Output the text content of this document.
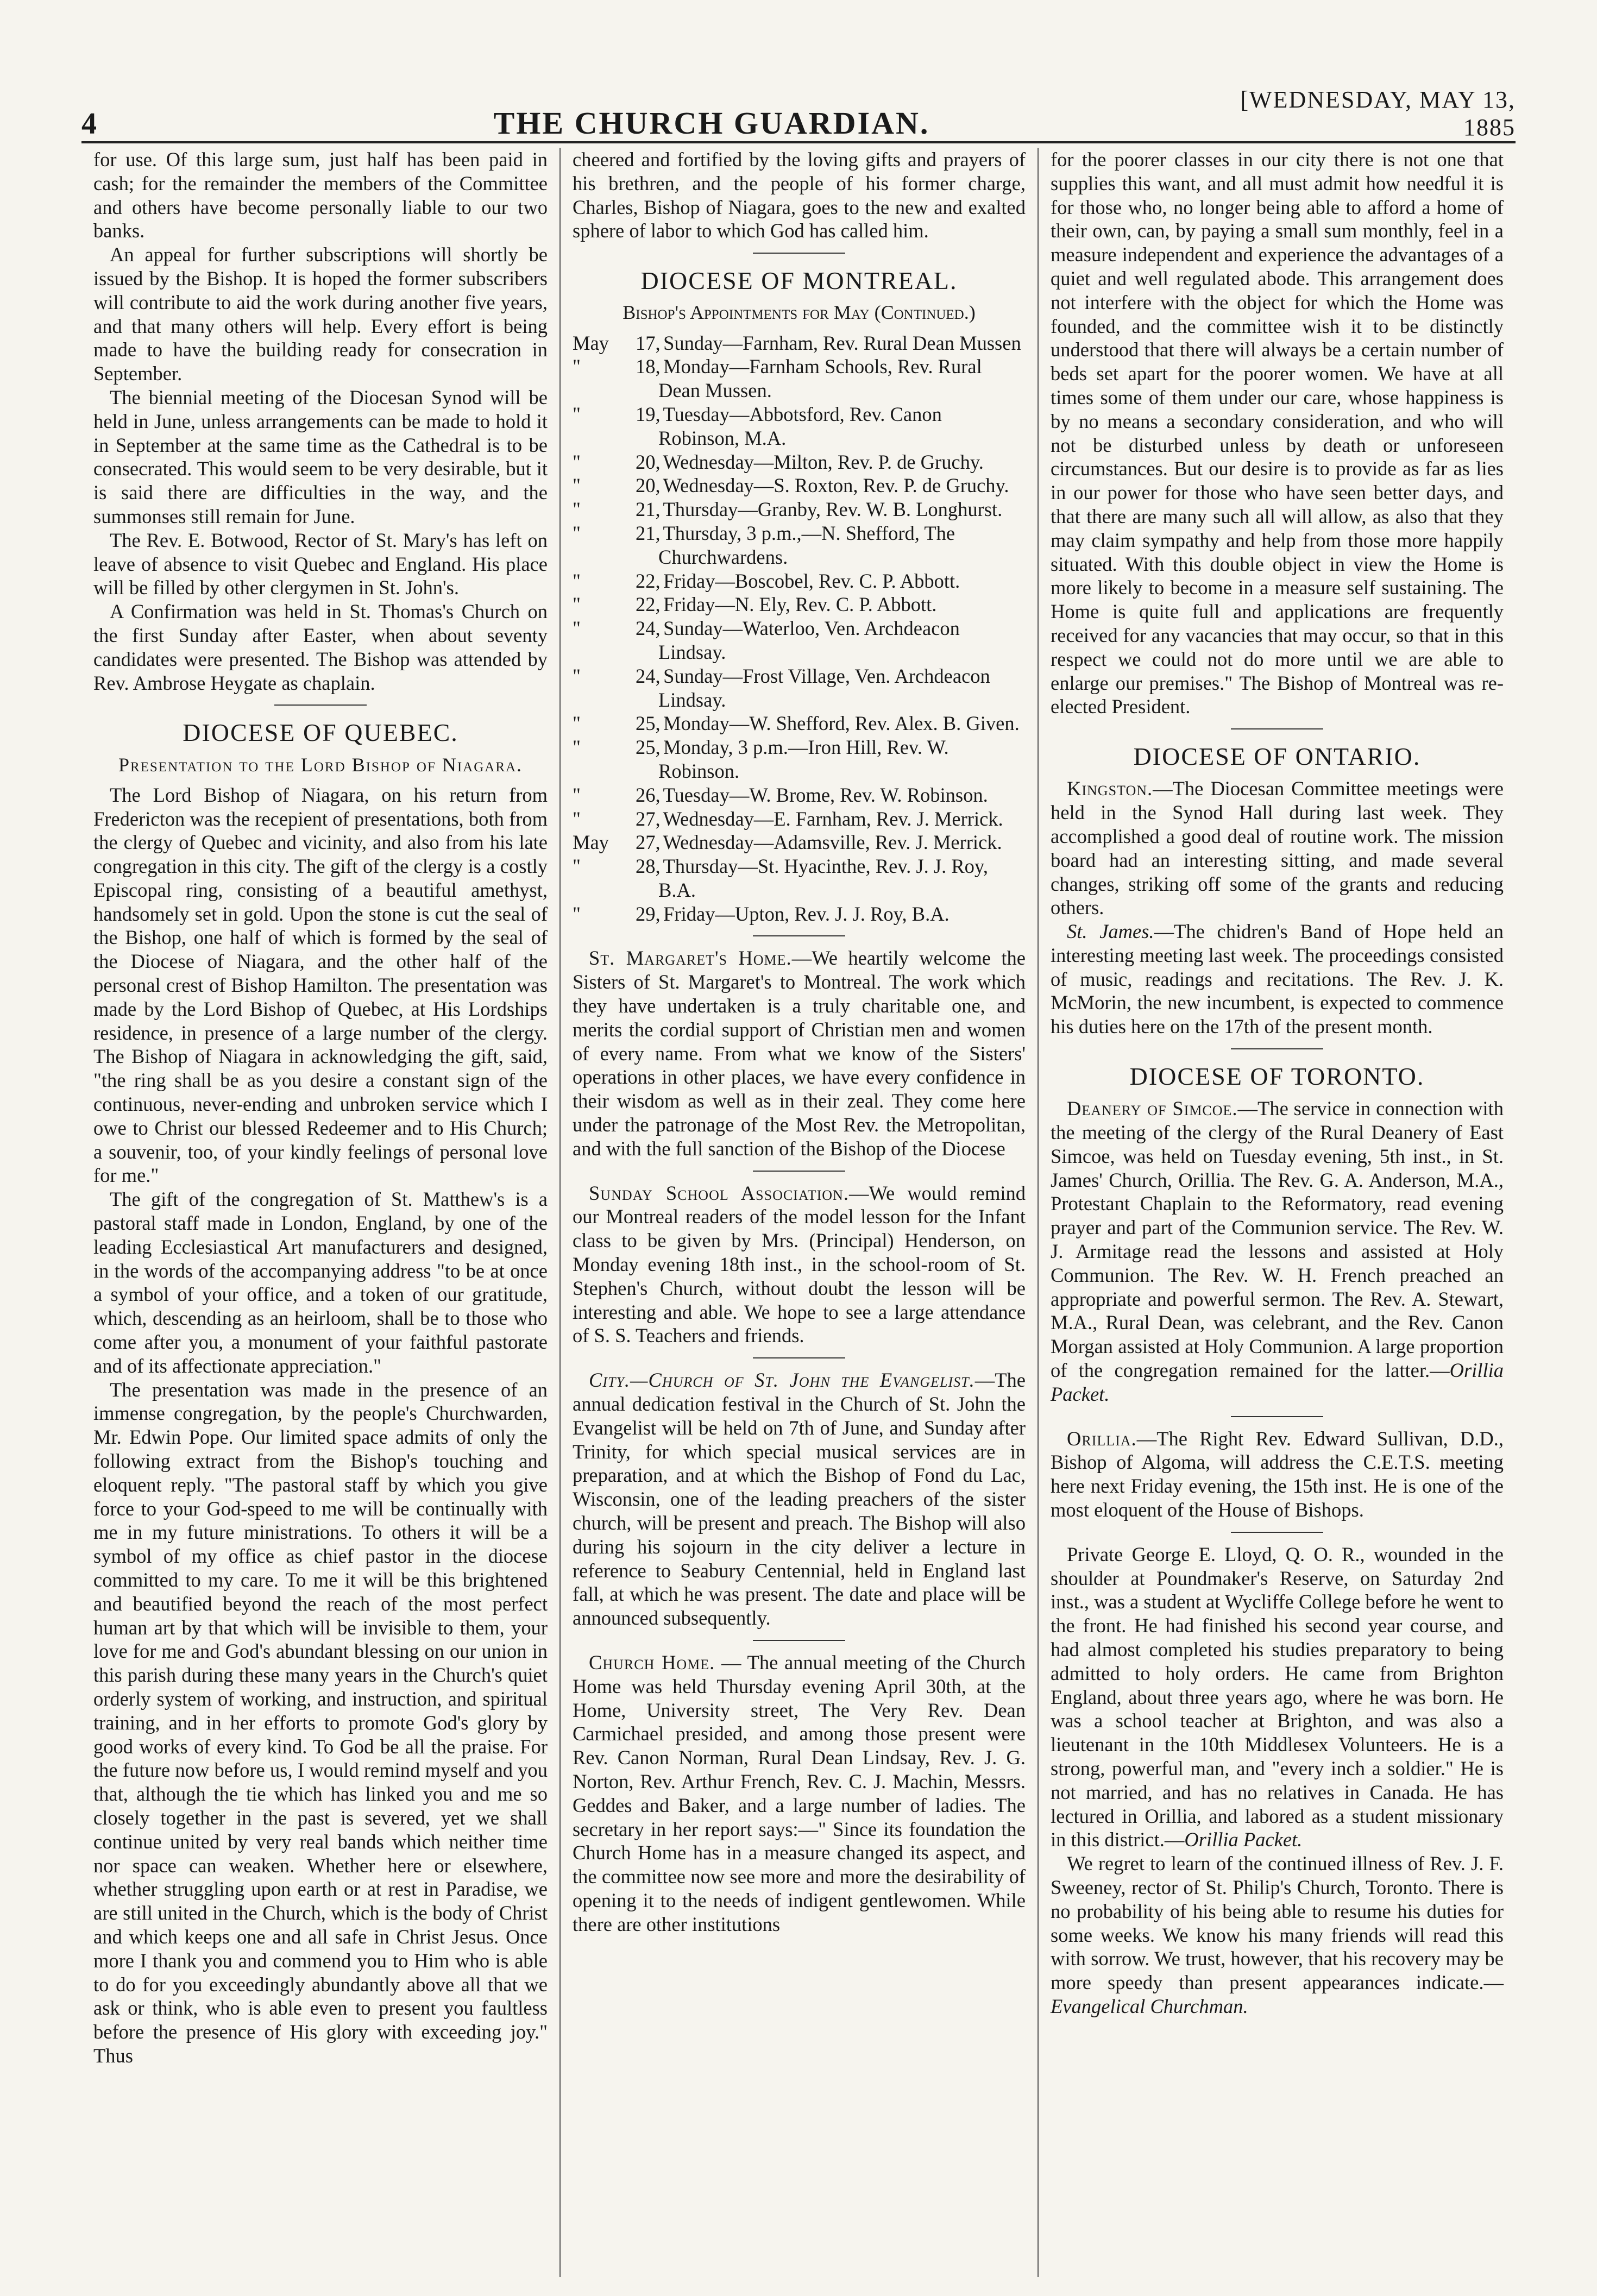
4	THE CHURCH GUARDIAN.
[WEDNESDAY, MAY 13, 1885

for use. Of this large sum, just half has been paid in cash; for the remainder the members of the Committee and others have become personally liable to our two banks.

An appeal for further subscriptions will shortly be issued by the Bishop. It is hoped the former subscribers will contribute to aid the work during another five years, and that many others will help. Every effort is being made to have the building ready for consecration in September.

The biennial meeting of the Diocesan Synod will be held in June, unless arrangements can be made to hold it in September at the same time as the Cathedral is to be consecrated. This would seem to be very desirable, but it is said there are difficulties in the way, and the summonses still remain for June.

The Rev. E. Botwood, Rector of St. Mary's has left on leave of absence to visit Quebec and England. His place will be filled by other clergymen in St. John's.

A Confirmation was held in St. Thomas's Church on the first Sunday after Easter, when about seventy candidates were presented. The Bishop was attended by Rev. Ambrose Heygate as chaplain.

DIOCESE OF QUEBEC.

Presentation to the Lord Bishop of Niagara.

The Lord Bishop of Niagara, on his return from Fredericton was the recepient of presentations, both from the clergy of Quebec and vicinity, and also from his late congregation in this city. The gift of the clergy is a costly Episcopal ring, consisting of a beautiful amethyst, handsomely set in gold. Upon the stone is cut the seal of the Bishop, one half of which is formed by the seal of the Diocese of Niagara, and the other half of the personal crest of Bishop Hamilton. The presentation was made by the Lord Bishop of Quebec, at His Lordships residence, in presence of a large number of the clergy. The Bishop of Niagara in acknowledging the gift, said, "the ring shall be as you desire a constant sign of the continuous, never-ending and unbroken service which I owe to Christ our blessed Redeemer and to His Church; a souvenir, too, of your kindly feelings of personal love for me."

The gift of the congregation of St. Matthew's is a pastoral staff made in London, England, by one of the leading Ecclesiastical Art manufacturers and designed, in the words of the accompanying address "to be at once a symbol of your office, and a token of our gratitude, which, descending as an heirloom, shall be to those who come after you, a monument of your faithful pastorate and of its affectionate appreciation."

The presentation was made in the presence of an immense congregation, by the people's Churchwarden, Mr. Edwin Pope. Our limited space admits of only the following extract from the Bishop's touching and eloquent reply. "The pastoral staff by which you give force to your God-speed to me will be continually with me in my future ministrations. To others it will be a symbol of my office as chief pastor in the diocese committed to my care. To me it will be this brightened and beautified beyond the reach of the most perfect human art by that which will be invisible to them, your love for me and God's abundant blessing on our union in this parish during these many years in the Church's quiet orderly system of working, and instruction, and spiritual training, and in her efforts to promote God's glory by good works of every kind. To God be all the praise. For the future now before us, I would remind myself and you that, although the tie which has linked you and me so closely together in the past is severed, yet we shall continue united by very real bands which neither time nor space can weaken. Whether here or elsewhere, whether struggling upon earth or at rest in Paradise, we are still united in the Church, which is the body of Christ and which keeps one and all safe in Christ Jesus. Once more I thank you and commend you to Him who is able to do for you exceedingly abundantly above all that we ask or think, who is able even to present you faultless before the presence of His glory with exceeding joy." Thus

cheered and fortified by the loving gifts and prayers of his brethren, and the people of his former charge, Charles, Bishop of Niagara, goes to the new and exalted sphere of labor to which God has called him.

DIOCESE OF MONTREAL.

Bishop's Appointments for May (Continued.)

May	17, Sunday—Farnham, Rev. Rural Dean Mussen
"	18, Monday—Farnham Schools, Rev. Rural Dean Mussen.
"	19, Tuesday—Abbotsford, Rev. Canon Robinson, M.A.
"	20, Wednesday—Milton, Rev. P. de Gruchy.
"	20, Wednesday—S. Roxton, Rev. P. de Gruchy.
"	21, Thursday—Granby, Rev. W. B. Longhurst.
"	21, Thursday, 3 p.m.,—N. Shefford, The Churchwardens.
"	22, Friday—Boscobel, Rev. C. P. Abbott.
"	22, Friday—N. Ely, Rev. C. P. Abbott.
"	24, Sunday—Waterloo, Ven. Archdeacon Lindsay.
"	24, Sunday—Frost Village, Ven. Archdeacon Lindsay.
"	25, Monday—W. Shefford, Rev. Alex. B. Given.
"	25, Monday, 3 p.m.—Iron Hill, Rev. W. Robinson.
"	26, Tuesday—W. Brome, Rev. W. Robinson.
"	27, Wednesday—E. Farnham, Rev. J. Merrick.
May	27, Wednesday—Adamsville, Rev. J. Merrick.
"	28, Thursday—St. Hyacinthe, Rev. J. J. Roy, B.A.
"	29, Friday—Upton, Rev. J. J. Roy, B.A.

St. Margaret's Home.—We heartily welcome the Sisters of St. Margaret's to Montreal. The work which they have undertaken is a truly charitable one, and merits the cordial support of Christian men and women of every name. From what we know of the Sisters' operations in other places, we have every confidence in their wisdom as well as in their zeal. They come here under the patronage of the Most Rev. the Metropolitan, and with the full sanction of the Bishop of the Diocese

Sunday School Association.—We would remind our Montreal readers of the model lesson for the Infant class to be given by Mrs. (Principal) Henderson, on Monday evening 18th inst., in the school-room of St. Stephen's Church, without doubt the lesson will be interesting and able. We hope to see a large attendance of S. S. Teachers and friends.

City.—Church of St. John the Evangelist.—The annual dedication festival in the Church of St. John the Evangelist will be held on 7th of June, and Sunday after Trinity, for which special musical services are in preparation, and at which the Bishop of Fond du Lac, Wisconsin, one of the leading preachers of the sister church, will be present and preach. The Bishop will also during his sojourn in the city deliver a lecture in reference to Seabury Centennial, held in England last fall, at which he was present. The date and place will be announced subsequently.

Church Home. — The annual meeting of the Church Home was held Thursday evening April 30th, at the Home, University street, The Very Rev. Dean Carmichael presided, and among those present were Rev. Canon Norman, Rural Dean Lindsay, Rev. J. G. Norton, Rev. Arthur French, Rev. C. J. Machin, Messrs. Geddes and Baker, and a large number of ladies. The secretary in her report says:—" Since its foundation the Church Home has in a measure changed its aspect, and the committee now see more and more the desirability of opening it to the needs of indigent gentlewomen. While there are other institutions

for the poorer classes in our city there is not one that supplies this want, and all must admit how needful it is for those who, no longer being able to afford a home of their own, can, by paying a small sum monthly, feel in a measure independent and experience the advantages of a quiet and well regulated abode. This arrangement does not interfere with the object for which the Home was founded, and the committee wish it to be distinctly understood that there will always be a certain number of beds set apart for the poorer women. We have at all times some of them under our care, whose happiness is by no means a secondary consideration, and who will not be disturbed unless by death or unforeseen circumstances. But our desire is to provide as far as lies in our power for those who have seen better days, and that there are many such all will allow, as also that they may claim sympathy and help from those more happily situated. With this double object in view the Home is more likely to become in a measure self sustaining. The Home is quite full and applications are frequently received for any vacancies that may occur, so that in this respect we could not do more until we are able to enlarge our premises." The Bishop of Montreal was re-elected President.

DIOCESE OF ONTARIO.

Kingston.—The Diocesan Committee meetings were held in the Synod Hall during last week. They accomplished a good deal of routine work. The mission board had an interesting sitting, and made several changes, striking off some of the grants and reducing others.

St. James.—The chidren's Band of Hope held an interesting meeting last week. The proceedings consisted of music, readings and recitations. The Rev. J. K. McMorin, the new incumbent, is expected to commence his duties here on the 17th of the present month.

DIOCESE OF TORONTO.

Deanery of Simcoe.—The service in connection with the meeting of the clergy of the Rural Deanery of East Simcoe, was held on Tuesday evening, 5th inst., in St. James' Church, Orillia. The Rev. G. A. Anderson, M.A., Protestant Chaplain to the Reformatory, read evening prayer and part of the Communion service. The Rev. W. J. Armitage read the lessons and assisted at Holy Communion. The Rev. W. H. French preached an appropriate and powerful sermon. The Rev. A. Stewart, M.A., Rural Dean, was celebrant, and the Rev. Canon Morgan assisted at Holy Communion. A large proportion of the congregation remained for the latter.—Orillia Packet.

Orillia.—The Right Rev. Edward Sullivan, D.D., Bishop of Algoma, will address the C.E.T.S. meeting here next Friday evening, the 15th inst. He is one of the most eloquent of the House of Bishops.

Private George E. Lloyd, Q. O. R., wounded in the shoulder at Poundmaker's Reserve, on Saturday 2nd inst., was a student at Wycliffe College before he went to the front. He had finished his second year course, and had almost completed his studies preparatory to being admitted to holy orders. He came from Brighton England, about three years ago, where he was born. He was a school teacher at Brighton, and was also a lieutenant in the 10th Middlesex Volunteers. He is a strong, powerful man, and "every inch a soldier." He is not married, and has no relatives in Canada. He has lectured in Orillia, and labored as a student missionary in this district.—Orillia Packet.

We regret to learn of the continued illness of Rev. J. F. Sweeney, rector of St. Philip's Church, Toronto. There is no probability of his being able to resume his duties for some weeks. We know his many friends will read this with sorrow. We trust, however, that his recovery may be more speedy than present appearances indicate.—Evangelical Churchman.
